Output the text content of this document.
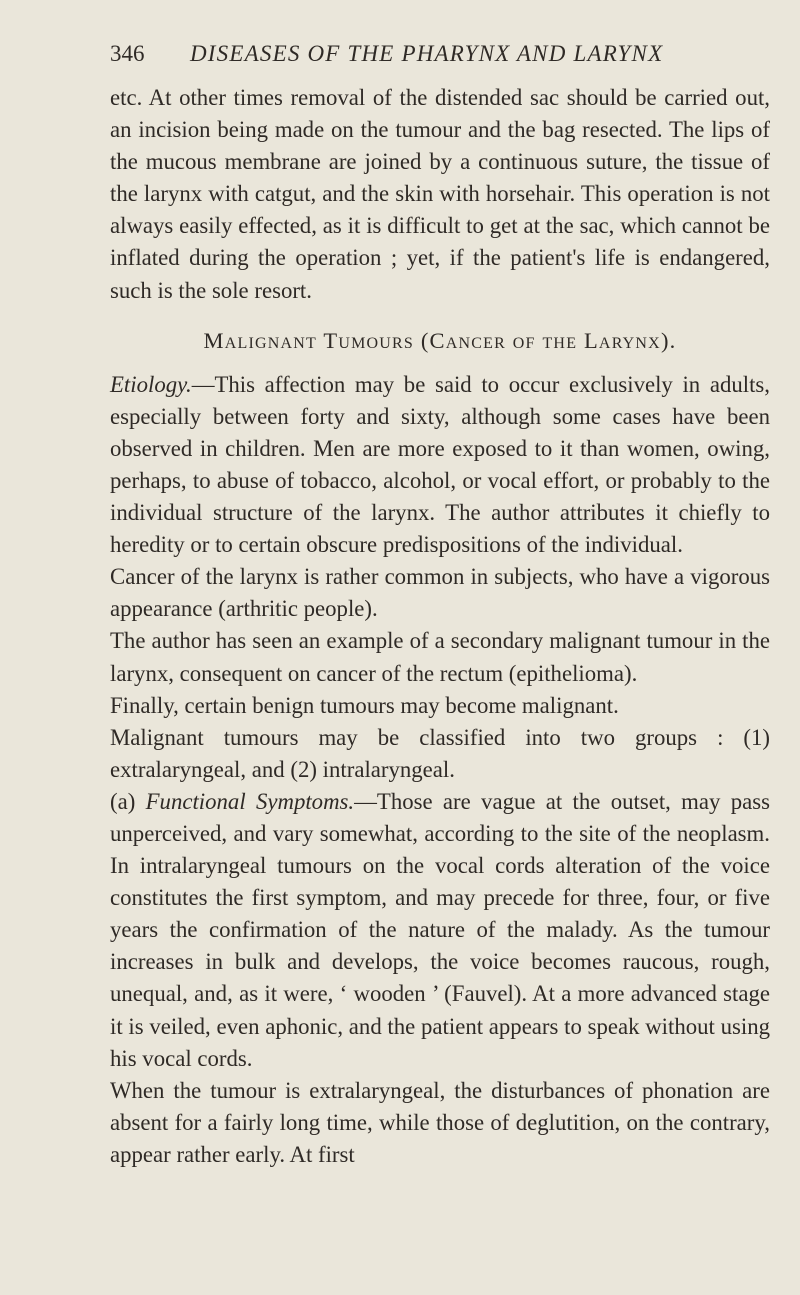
346	DISEASES OF THE PHARYNX AND LARYNX

etc. At other times removal of the distended sac should be carried out, an incision being made on the tumour and the bag resected. The lips of the mucous membrane are joined by a continuous suture, the tissue of the larynx with catgut, and the skin with horsehair. This operation is not always easily effected, as it is difficult to get at the sac, which cannot be inflated during the operation ; yet, if the patient's life is endangered, such is the sole resort.

Malignant Tumours (Cancer of the Larynx).

Etiology.—This affection may be said to occur exclusively in adults, especially between forty and sixty, although some cases have been observed in children. Men are more exposed to it than women, owing, perhaps, to abuse of tobacco, alcohol, or vocal effort, or probably to the individual structure of the larynx. The author attributes it chiefly to heredity or to certain obscure predispositions of the individual.

Cancer of the larynx is rather common in subjects, who have a vigorous appearance (arthritic people).

The author has seen an example of a secondary malignant tumour in the larynx, consequent on cancer of the rectum (epithelioma).

Finally, certain benign tumours may become malignant.

Malignant tumours may be classified into two groups : (1) extralaryngeal, and (2) intralaryngeal.

(a) Functional Symptoms.—Those are vague at the outset, may pass unperceived, and vary somewhat, according to the site of the neoplasm. In intralaryngeal tumours on the vocal cords alteration of the voice constitutes the first symptom, and may precede for three, four, or five years the confirmation of the nature of the malady. As the tumour increases in bulk and develops, the voice becomes raucous, rough, unequal, and, as it were, ‘ wooden ’ (Fauvel). At a more advanced stage it is veiled, even aphonic, and the patient appears to speak without using his vocal cords.

When the tumour is extralaryngeal, the disturbances of phonation are absent for a fairly long time, while those of deglutition, on the contrary, appear rather early. At first
